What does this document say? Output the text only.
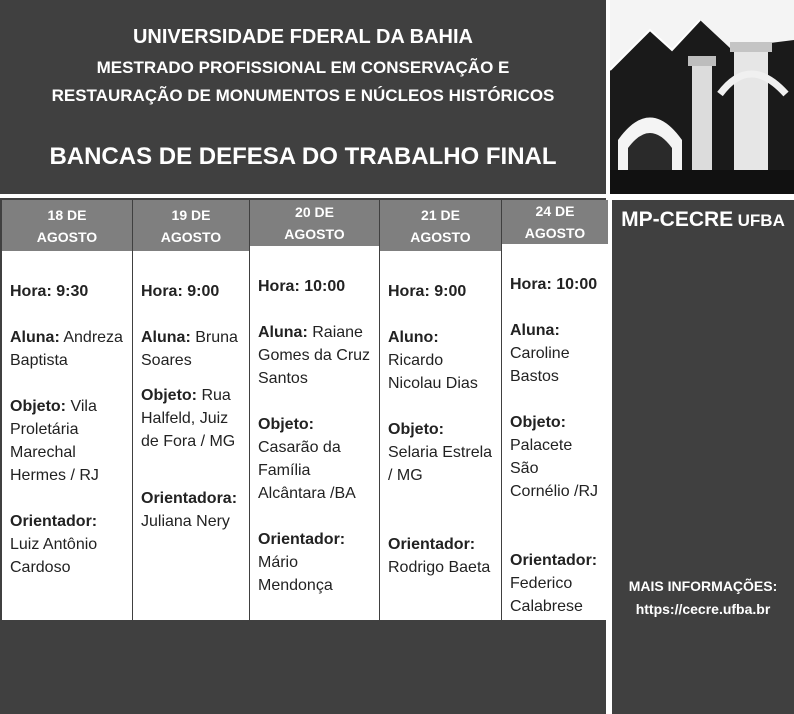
UNIVERSIDADE FDERAL DA BAHIA
MESTRADO PROFISSIONAL EM CONSERVAÇÃO E
RESTAURAÇÃO DE MONUMENTOS E NÚCLEOS HISTÓRICOS
BANCAS DE DEFESA DO TRABALHO FINAL
MP-CECRE UFBA
MAIS INFORMAÇÕES:
https://cecre.ufba.br
18 DE
AGOSTO
Hora: 9:30
Aluna: Andreza Baptista
Objeto: Vila Proletária Marechal Hermes / RJ
Orientador: Luiz Antônio Cardoso
19 DE
AGOSTO
Hora: 9:00
Aluna: Bruna Soares
Objeto: Rua Halfeld, Juiz de Fora / MG
Orientadora: Juliana Nery
20 DE
AGOSTO
Hora: 10:00
Aluna: Raiane Gomes da Cruz Santos
Objeto: Casarão da Família Alcântara /BA
Orientador: Mário Mendonça
21 DE
AGOSTO
Hora: 9:00
Aluno: Ricardo Nicolau Dias
Objeto: Selaria Estrela / MG
Orientador: Rodrigo Baeta
24 DE
AGOSTO
Hora: 10:00
Aluna: Caroline Bastos
Objeto: Palacete São Cornélio /RJ
Orientador: Federico Calabrese
